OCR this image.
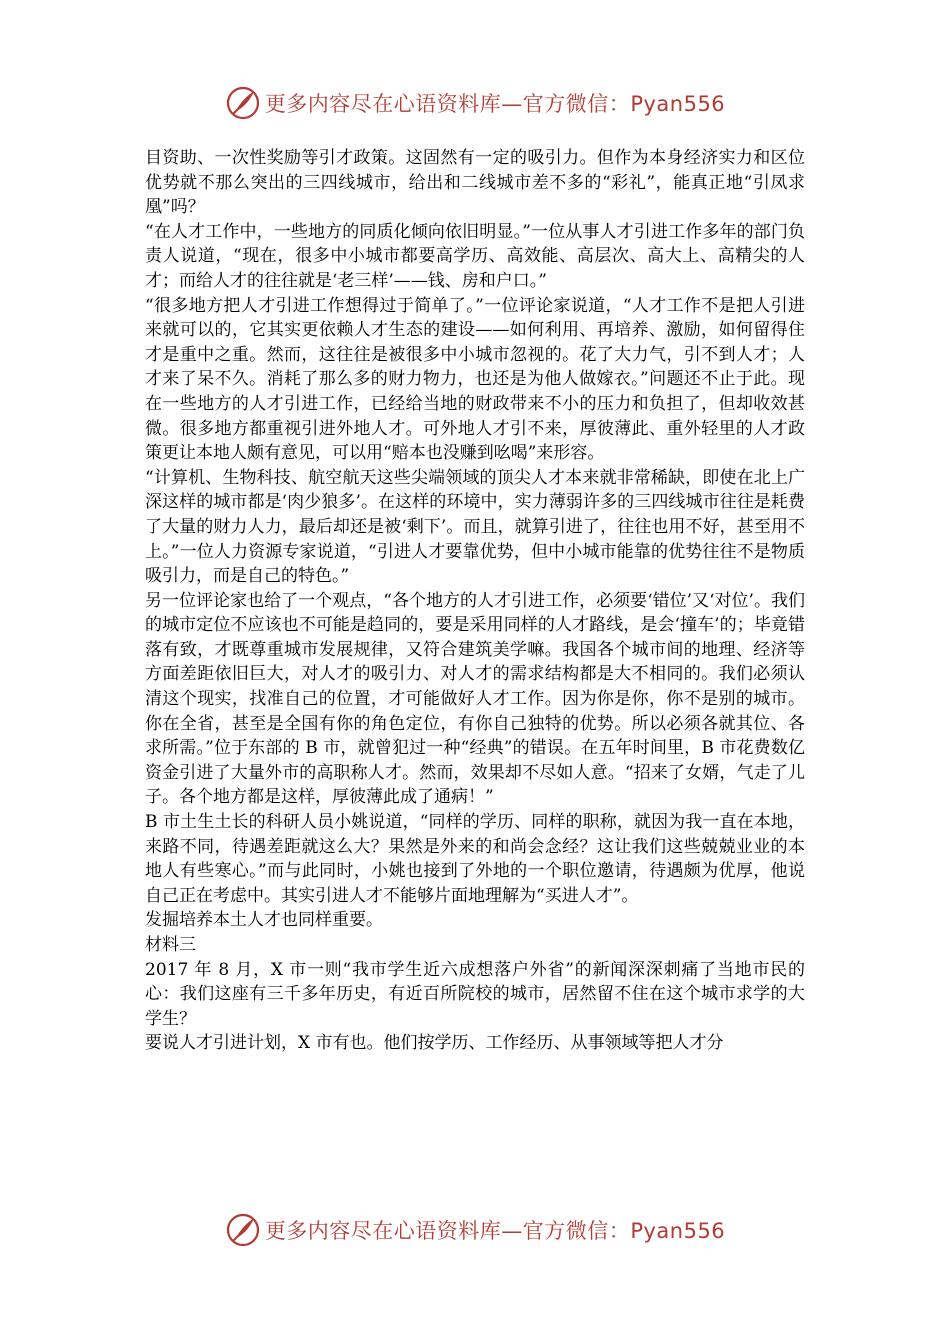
更多内容尽在心语资料库—官方微信：Pyan556

目资助、一次性奖励等引才政策。这固然有一定的吸引力。但作为本身经济实力和区位优势就不那么突出的三四线城市，给出和二线城市差不多的“彩礼”，能真正地“引凤求凰”吗？

“在人才工作中，一些地方的同质化倾向依旧明显。”一位从事人才引进工作多年的部门负责人说道，“现在，很多中小城市都要高学历、高效能、高层次、高大上、高精尖的人才；而给人才的往往就是‘老三样’——钱、房和户口。”

“很多地方把人才引进工作想得过于简单了。”一位评论家说道，“人才工作不是把人引进来就可以的，它其实更依赖人才生态的建设——如何利用、再培养、激励，如何留得住才是重中之重。然而，这往往是被很多中小城市忽视的。花了大力气，引不到人才；人才来了呆不久。消耗了那么多的财力物力，也还是为他人做嫁衣。”问题还不止于此。现在一些地方的人才引进工作，已经给当地的财政带来不小的压力和负担了，但却收效甚微。很多地方都重视引进外地人才。可外地人才引不来，厚彼薄此、重外轻里的人才政策更让本地人颇有意见，可以用“赔本也没赚到吆喝”来形容。

“计算机、生物科技、航空航天这些尖端领域的顶尖人才本来就非常稀缺，即使在北上广深这样的城市都是‘肉少狼多’。在这样的环境中，实力薄弱许多的三四线城市往往是耗费了大量的财力人力，最后却还是被‘剩下’。而且，就算引进了，往往也用不好，甚至用不上。”一位人力资源专家说道，“引进人才要靠优势，但中小城市能靠的优势往往不是物质吸引力，而是自己的特色。”

另一位评论家也给了一个观点，“各个地方的人才引进工作，必须要‘错位’又‘对位’。我们的城市定位不应该也不可能是趋同的，要是采用同样的人才路线，是会‘撞车’的；毕竟错落有致，才既尊重城市发展规律，又符合建筑美学嘛。我国各个城市间的地理、经济等方面差距依旧巨大，对人才的吸引力、对人才的需求结构都是大不相同的。我们必须认清这个现实，找准自己的位置，才可能做好人才工作。因为你是你，你不是别的城市。你在全省，甚至是全国有你的角色定位，有你自己独特的优势。所以必须各就其位、各求所需。”位于东部的 B 市，就曾犯过一种“经典”的错误。在五年时间里，B 市花费数亿资金引进了大量外市的高职称人才。然而，效果却不尽如人意。“招来了女婿，气走了儿子。各个地方都是这样，厚彼薄此成了通病！”

B 市土生土长的科研人员小姚说道，“同样的学历、同样的职称，就因为我一直在本地，来路不同，待遇差距就这么大？果然是外来的和尚会念经？这让我们这些兢兢业业的本地人有些寒心。”而与此同时，小姚也接到了外地的一个职位邀请，待遇颇为优厚，他说自己正在考虑中。其实引进人才不能够片面地理解为“买进人才”。

发掘培养本土人才也同样重要。

材料三

2017 年 8 月，X 市一则“我市学生近六成想落户外省”的新闻深深刺痛了当地市民的心：我们这座有三千多年历史，有近百所院校的城市，居然留不住在这个城市求学的大学生？

要说人才引进计划，X 市有也。他们按学历、工作经历、从事领域等把人才分

更多内容尽在心语资料库—官方微信：Pyan556
